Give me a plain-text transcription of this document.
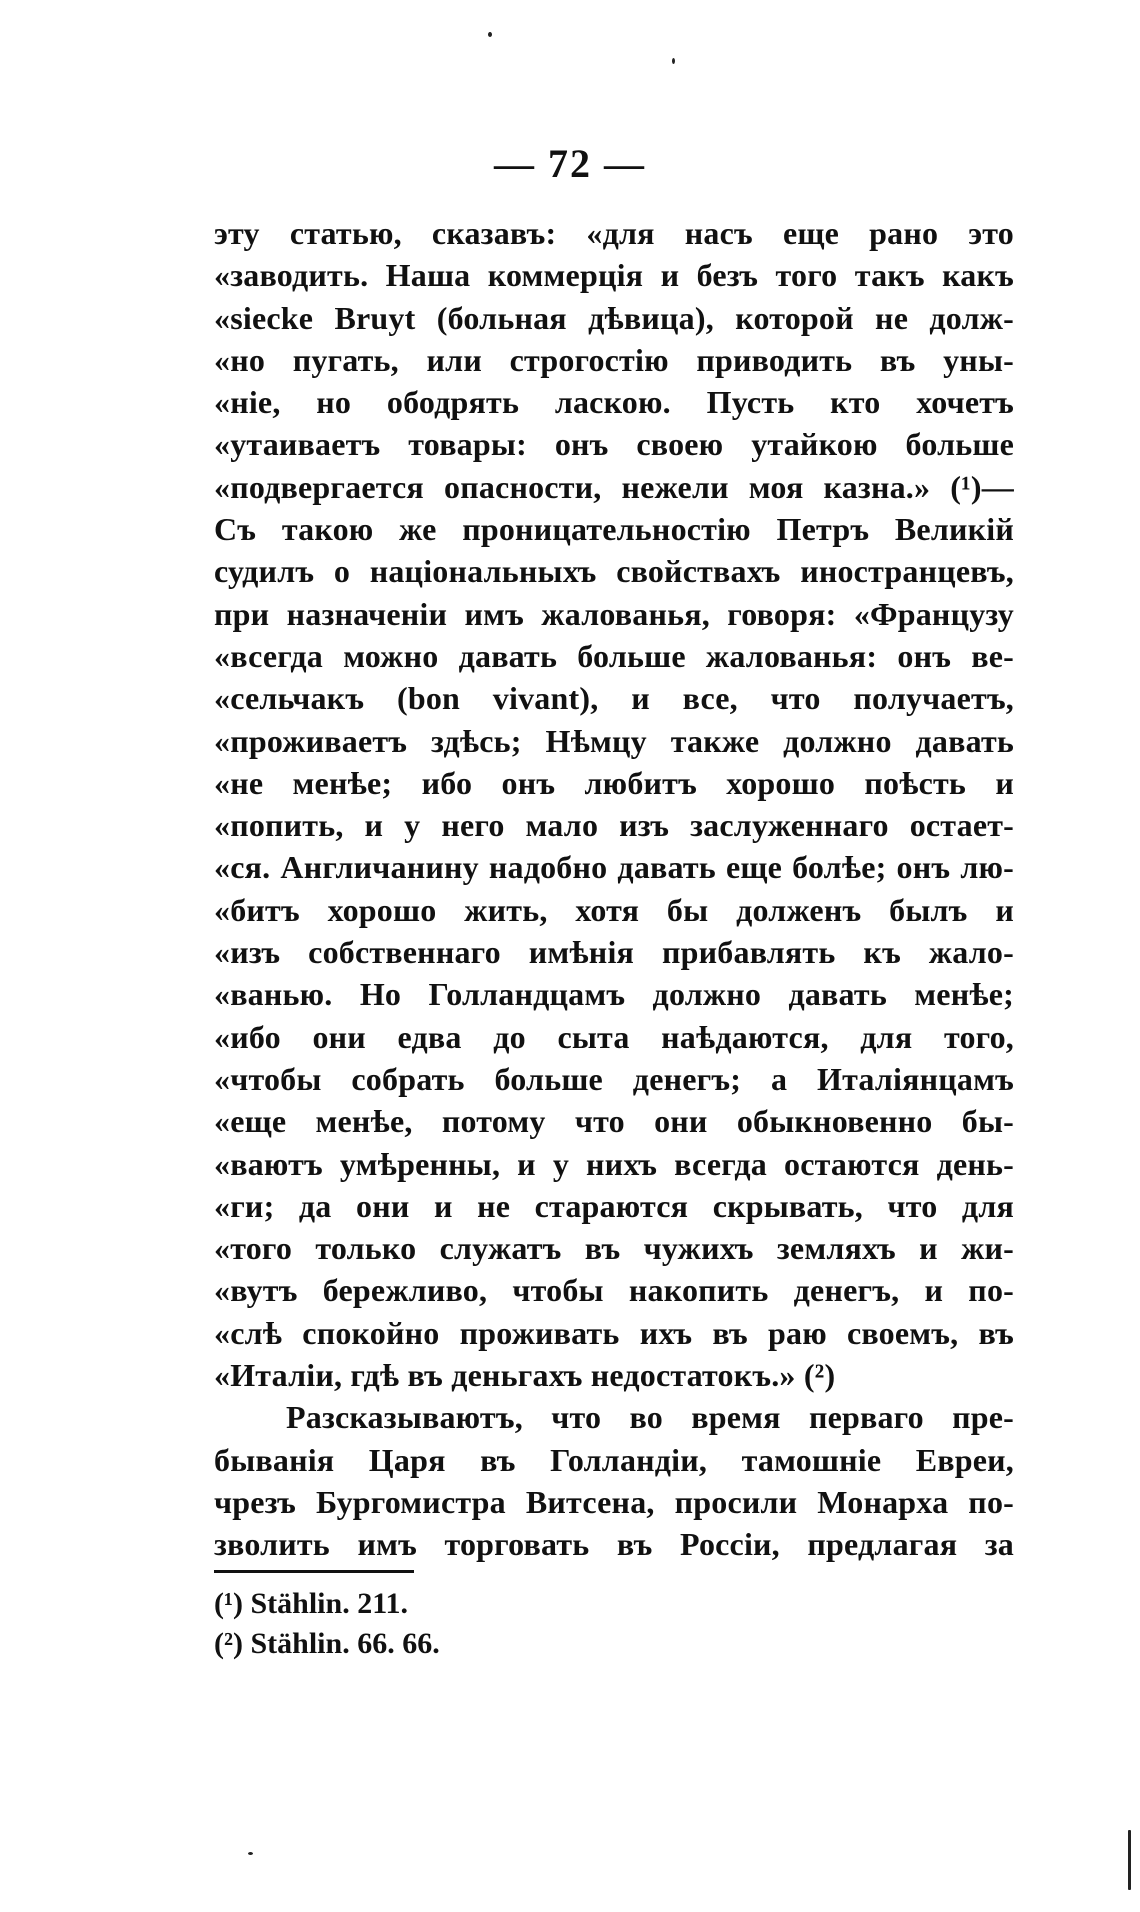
— 72 —
эту статью, сказавъ: «для насъ еще рано это
«заводить. Наша коммерція и безъ того такъ какъ
«siecke Bruyt (больная дѣвица), которой не долж-
«но пугать, или строгостію приводить въ уны-
«ніе, но ободрять ласкою. Пусть кто хочетъ
«утаиваетъ товары: онъ своею утайкою больше
«подвергается опасности, нежели моя казна.» (¹)—
Съ такою же проницательностію Петръ Великій
судилъ о національныхъ свойствахъ иностранцевъ,
при назначеніи имъ жалованья, говоря: «Французу
«всегда можно давать больше жалованья: онъ ве-
«сельчакъ (bon vivant), и все, что получаетъ,
«проживаетъ здѣсь; Нѣмцу также должно давать
«не менѣе; ибо онъ любитъ хорошо поѣсть и
«попить, и у него мало изъ заслуженнаго остает-
«ся. Англичанину надобно давать еще болѣе; онъ лю-
«битъ хорошо жить, хотя бы долженъ былъ и
«изъ собственнаго имѣнія прибавлять къ жало-
«ванью. Но Голландцамъ должно давать менѣе;
«ибо они едва до сыта наѣдаются, для того,
«чтобы собрать больше денегъ; а Италіянцамъ
«еще менѣе, потому что они обыкновенно бы-
«ваютъ умѣренны, и у нихъ всегда остаются день-
«ги; да они и не стараются скрывать, что для
«того только служатъ въ чужихъ земляхъ и жи-
«вутъ бережливо, чтобы накопить денегъ, и по-
«слѣ спокойно проживать ихъ въ раю своемъ, въ
«Италіи, гдѣ въ деньгахъ недостатокъ.» (²)
Разсказываютъ, что во время перваго пре-
быванія Царя въ Голландіи, тамошніе Евреи,
чрезъ Бургомистра Витсена, просили Монарха по-
зволить имъ торговать въ Россіи, предлагая за
(¹) Stählin. 211.
(²) Stählin. 66. 66.
